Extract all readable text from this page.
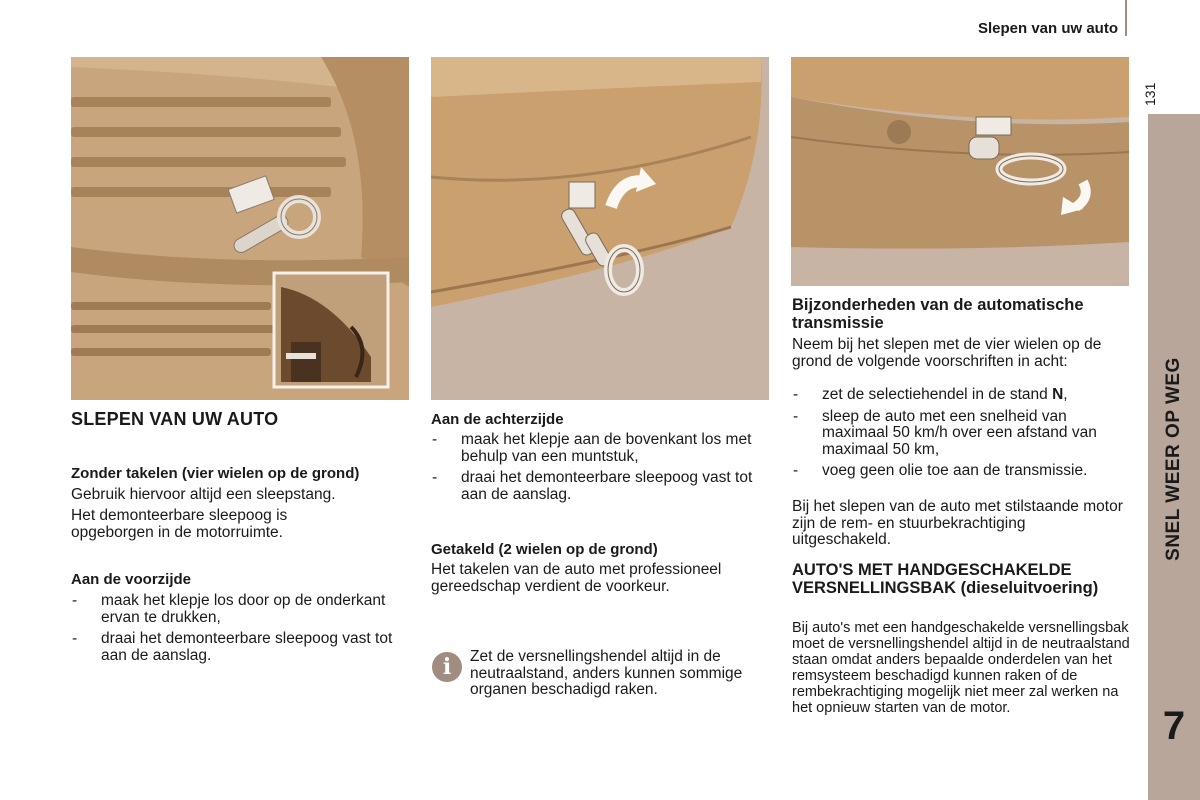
Slepen van uw auto
131
SNEL WEER OP WEG
7
SLEPEN VAN UW AUTO
Zonder takelen (vier wielen op de grond)
Gebruik hiervoor altijd een sleepstang.
Het demonteerbare sleepoog is opgeborgen in de motorruimte.
Aan de voorzijde
- maak het klepje los door op de onderkant ervan te drukken,
- draai het demonteerbare sleepoog vast tot aan de aanslag.
Aan de achterzijde
- maak het klepje aan de bovenkant los met behulp van een muntstuk,
- draai het demonteerbare sleepoog vast tot aan de aanslag.
Getakeld (2 wielen op de grond)
Het takelen van de auto met professioneel gereedschap verdient de voorkeur.
i	Zet de versnellingshendel altijd in de neutraalstand, anders kunnen sommige organen beschadigd raken.
Bijzonderheden van de automatische transmissie
Neem bij het slepen met de vier wielen op de grond de volgende voorschriften in acht:
- zet de selectiehendel in de stand N,
- sleep de auto met een snelheid van maximaal 50 km/h over een afstand van maximaal 50 km,
- voeg geen olie toe aan de transmissie.
Bij het slepen van de auto met stilstaande motor zijn de rem- en stuurbekrachtiging uitgeschakeld.
AUTO'S MET HANDGESCHAKELDE VERSNELLINGSBAK (dieseluitvoering)
Bij auto's met een handgeschakelde versnellingsbak moet de versnellingshendel altijd in de neutraalstand staan omdat anders bepaalde onderdelen van het remsysteem beschadigd kunnen raken of de rembekrachtiging mogelijk niet meer zal werken na het opnieuw starten van de motor.
